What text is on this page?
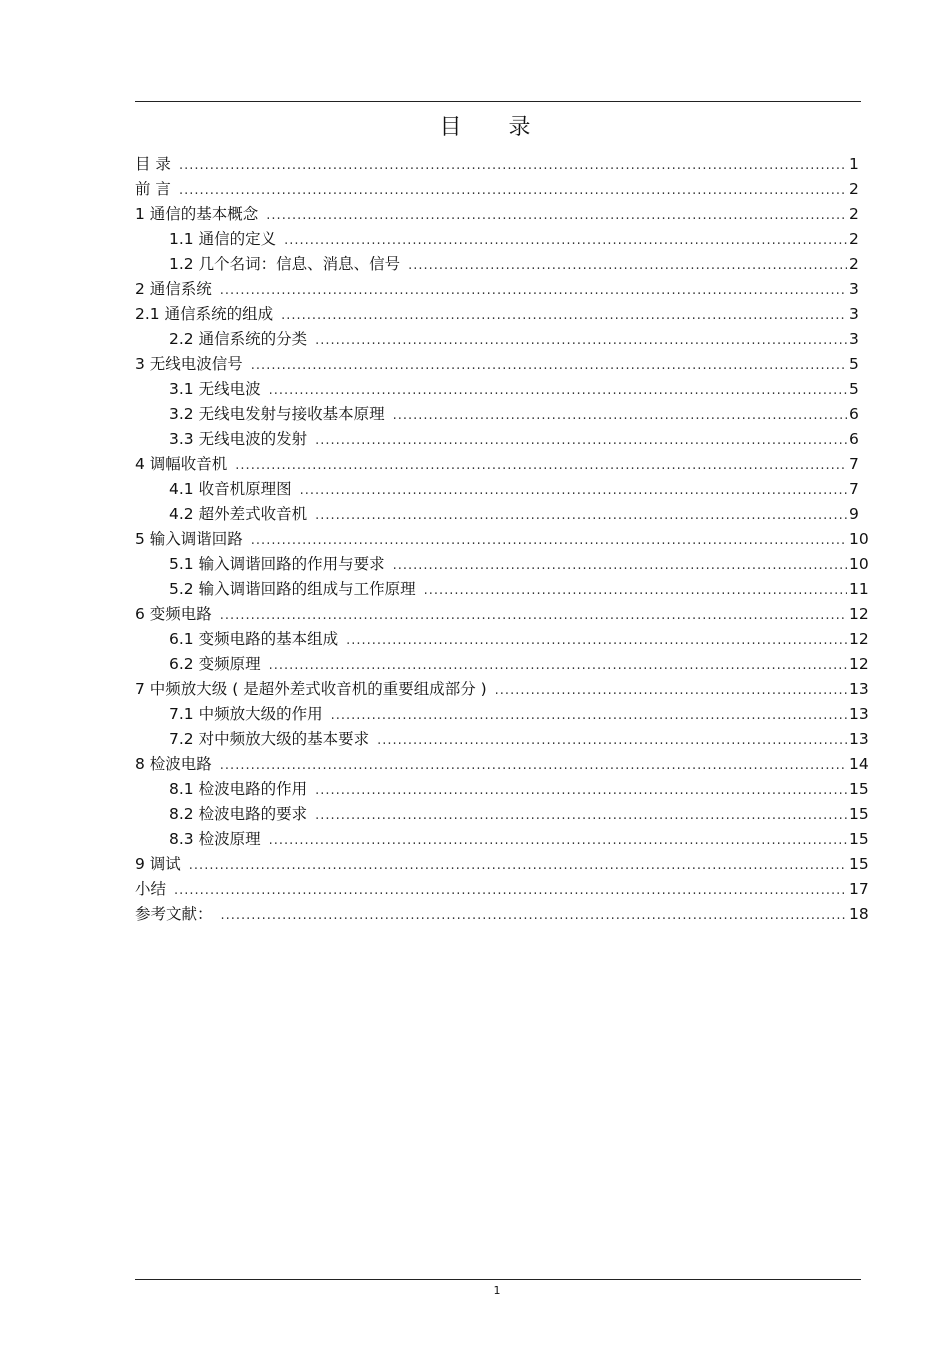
目 录
目 录 .....	1
前 言 .....	2
1 通信的基本概念 .....	2
1.1 通信的定义 .....	2
1.2 几个名词：信息、消息、信号 .....	2
2 通信系统 .....	3
2.1 通信系统的组成 .....	3
2.2 通信系统的分类 .....	3
3 无线电波信号 .....	5
3.1 无线电波 .....	5
3.2 无线电发射与接收基本原理 .....	6
3.3 无线电波的发射 .....	6
4 调幅收音机 .....	7
4.1 收音机原理图 .....	7
4.2 超外差式收音机 .....	9
5 输入调谐回路 .....	10
5.1 输入调谐回路的作用与要求 .....	10
5.2 输入调谐回路的组成与工作原理 .....	11
6 变频电路 .....	12
6.1 变频电路的基本组成 .....	12
6.2 变频原理 .....	12
7 中频放大级 ( 是超外差式收音机的重要组成部分 ) .....	13
7.1 中频放大级的作用 .....	13
7.2 对中频放大级的基本要求 .....	13
8 检波电路 .....	14
8.1 检波电路的作用 .....	15
8.2 检波电路的要求 .....	15
8.3 检波原理 .....	15
9 调试 .....	15
小结 .....	17
参考文献： .....	18
1
